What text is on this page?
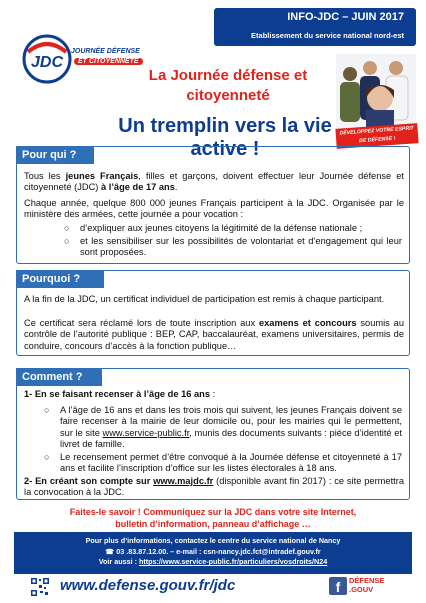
INFO-JDC – JUIN 2017
Etablissement du service national nord-est
JDC
JOURNÉE DÉFENSE
ET CITOYENNETÉ
La Journée défense et
citoyenneté
Un tremplin vers la vie active !
DÉVELOPPEZ VOTRE ESPRIT
DE DÉFENSE !
Pour qui ?
Tous les jeunes Français, filles et garçons, doivent effectuer leur Journée défense et citoyenneté (JDC) à l’âge de 17 ans.
Chaque année, quelque 800 000 jeunes Français participent à la JDC. Organisée par le ministère des armées, cette journée a pour vocation :
○ d’expliquer aux jeunes citoyens la légitimité de la défense nationale ;
○ et les sensibiliser sur les possibilités de volontariat et d’engagement qui leur sont proposées.
Pourquoi ?
A la fin de la JDC, un certificat individuel de participation est remis à chaque participant.
Ce certificat sera réclamé lors de toute inscription aux examens et concours soumis au contrôle de l’autorité publique : BEP, CAP, baccalauréat, examens universitaires, permis de conduire, concours d’accès à la fonction publique…
Comment ?
1- En se faisant recenser à l’âge de 16 ans :
○ A l’âge de 16 ans et dans les trois mois qui suivent, les jeunes Français doivent se faire recenser à la mairie de leur domicile ou, pour les mairies qui le permettent, sur le site www.service-public.fr, munis des documents suivants : pièce d’identité et livret de famille.
○ Le recensement permet d’être convoqué à la Journée défense et citoyenneté à 17 ans et facilite l’inscription d’office sur les listes électorales à 18 ans.
2- En créant son compte sur www.majdc.fr (disponible avant fin 2017) : ce site permettra la convocation à la JDC.
Faites-le savoir ! Communiquez sur la JDC dans votre site Internet,
bulletin d’information, panneau d’affichage …
Pour plus d’informations, contactez le centre du service national de Nancy
☎ 03 .83.87.12.00. – e-mail : csn-nancy.jdc.fct@intradef.gouv.fr
Voir aussi : https://www.service-public.fr/particuliers/vosdroits/N24
www.defense.gouv.fr/jdc	f	DÉFENSE
.GOUV
